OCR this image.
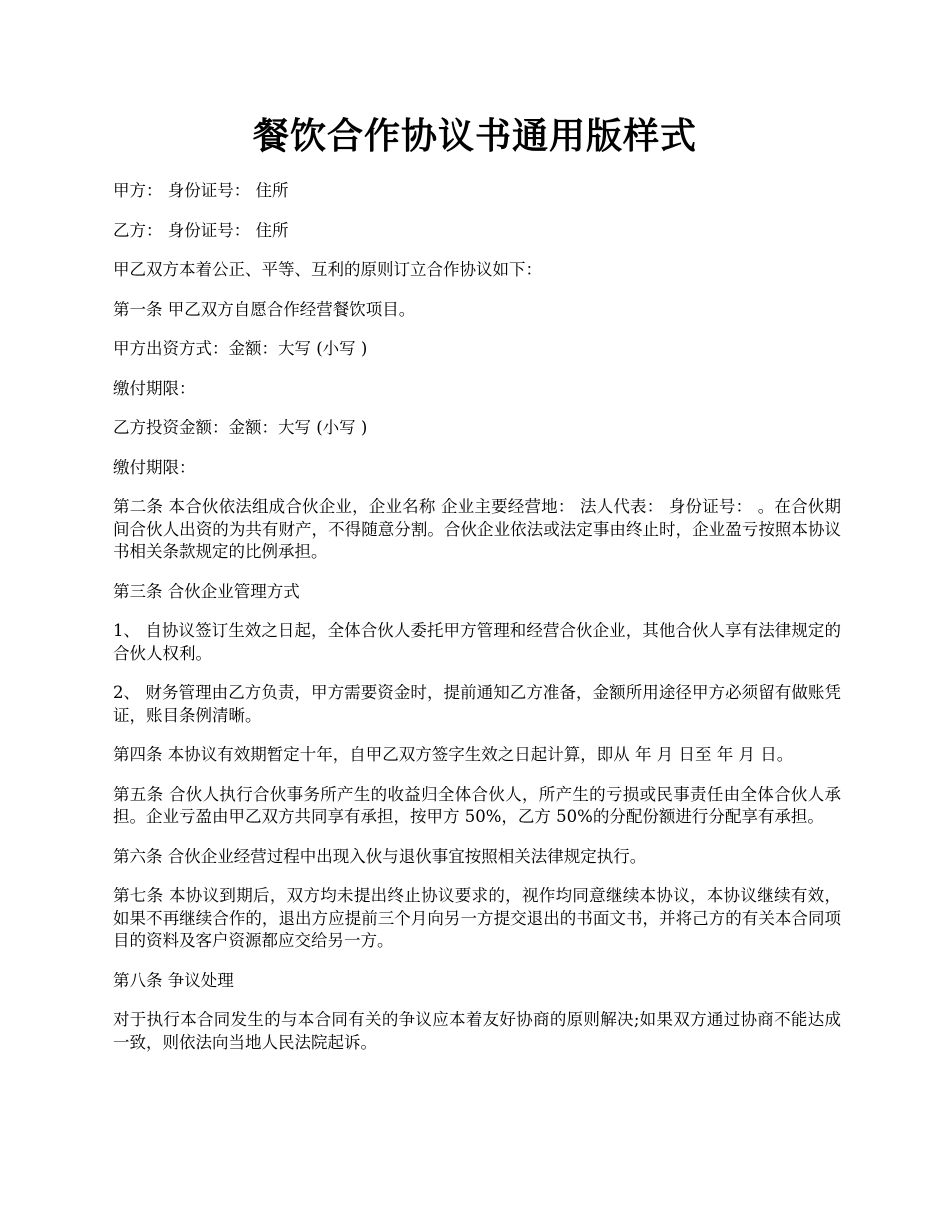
餐饮合作协议书通用版样式

甲方： 身份证号： 住所

乙方： 身份证号： 住所

甲乙双方本着公正、平等、互利的原则订立合作协议如下：

第一条 甲乙双方自愿合作经营餐饮项目。

甲方出资方式：金额：大写 (小写 )

缴付期限：

乙方投资金额：金额：大写 (小写 )

缴付期限：

第二条 本合伙依法组成合伙企业，企业名称 企业主要经营地： 法人代表： 身份证号： 。在合伙期间合伙人出资的为共有财产，不得随意分割。合伙企业依法或法定事由终止时，企业盈亏按照本协议书相关条款规定的比例承担。

第三条 合伙企业管理方式

1、 自协议签订生效之日起，全体合伙人委托甲方管理和经营合伙企业，其他合伙人享有法律规定的合伙人权利。

2、 财务管理由乙方负责，甲方需要资金时，提前通知乙方准备，金额所用途径甲方必须留有做账凭证，账目条例清晰。

第四条 本协议有效期暂定十年，自甲乙双方签字生效之日起计算，即从 年 月 日至 年 月 日。

第五条 合伙人执行合伙事务所产生的收益归全体合伙人，所产生的亏损或民事责任由全体合伙人承担。企业亏盈由甲乙双方共同享有承担，按甲方 50%，乙方 50%的分配份额进行分配享有承担。

第六条 合伙企业经营过程中出现入伙与退伙事宜按照相关法律规定执行。

第七条 本协议到期后，双方均未提出终止协议要求的，视作均同意继续本协议，本协议继续有效，如果不再继续合作的，退出方应提前三个月向另一方提交退出的书面文书，并将己方的有关本合同项目的资料及客户资源都应交给另一方。

第八条 争议处理

对于执行本合同发生的与本合同有关的争议应本着友好协商的原则解决;如果双方通过协商不能达成一致，则依法向当地人民法院起诉。
